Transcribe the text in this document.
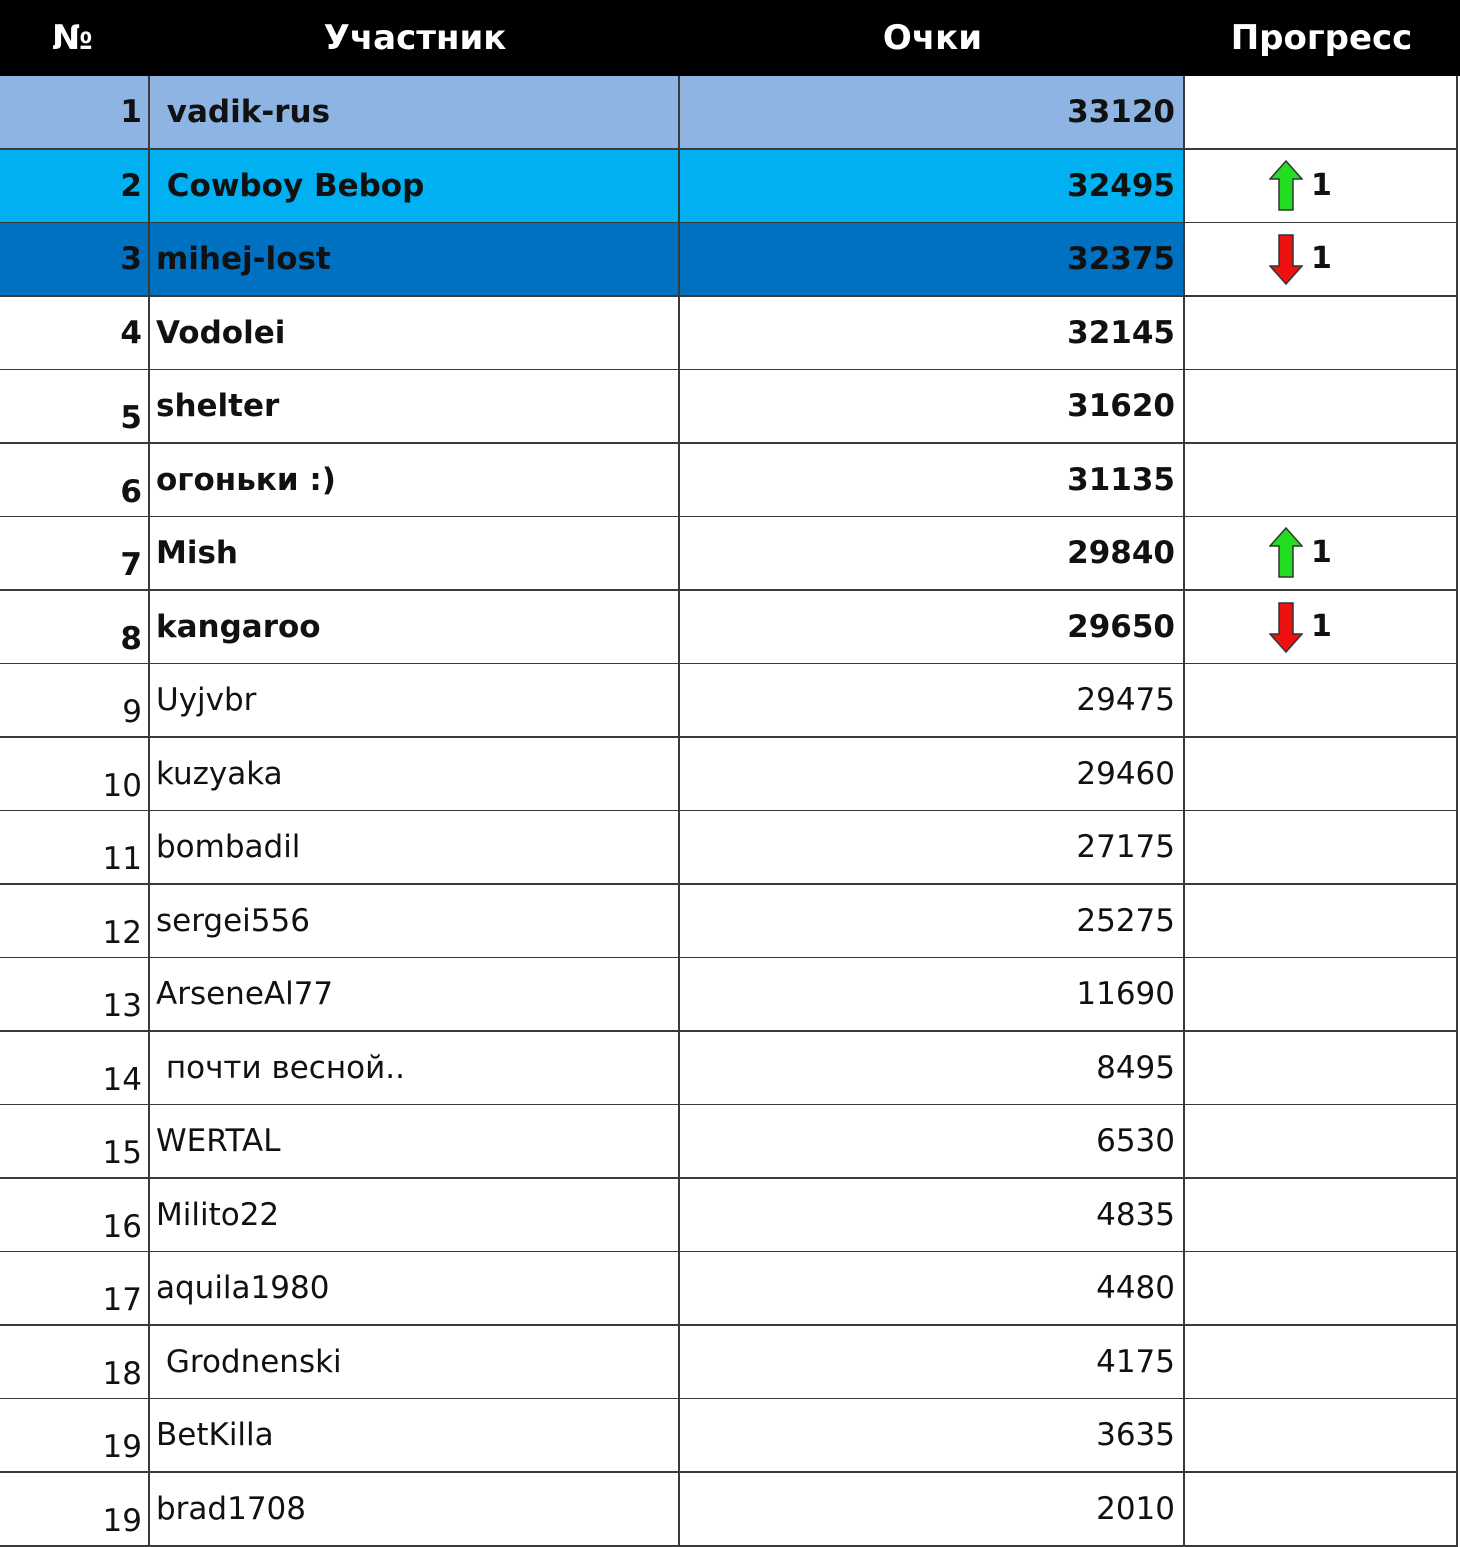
№	Участник	Очки	Прогресс
1 vadik-rus	33120
2 Cowboy Bebop	32495	1
3 mihej-lost	32375	1
4 Vodolei	32145
5 shelter	31620
6 огоньки :)	31135
7 Mish	29840	1
8 kangaroo	29650	1
9 Uyjvbr	29475
10 kuzyaka	29460
11 bombadil	27175
12 sergei556	25275
13 ArseneAl77	11690
14 почти весной..	8495
15 WERTAL	6530
16 Milito22	4835
17 aquila1980	4480
18 Grodnenski	4175
19 BetKilla	3635
19 brad1708	2010
